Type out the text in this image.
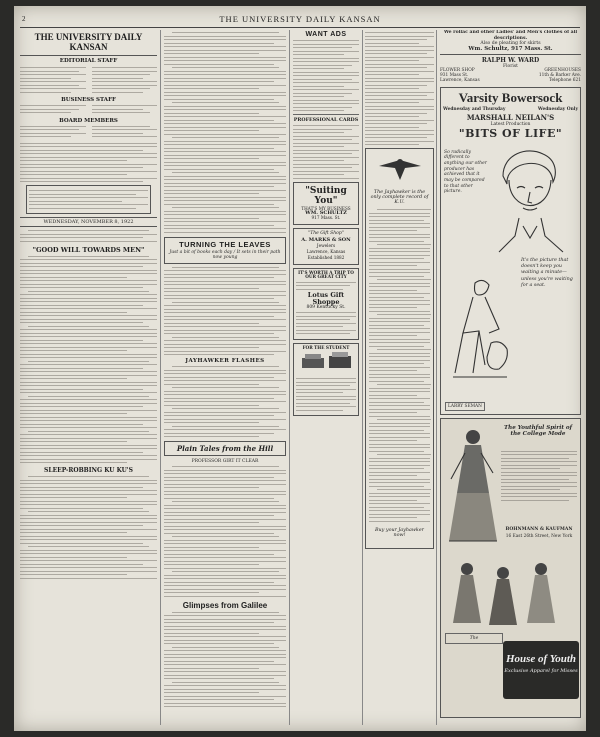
2	THE UNIVERSITY DAILY KANSAN
THE UNIVERSITY DAILY KANSAN
EDITORIAL STAFF
BUSINESS STAFF
BOARD MEMBERS
WEDNESDAY, NOVEMBER 8, 1922
"GOOD WILL TOWARDS MEN"
SLEEP-ROBBING KU KU'S
TURNING THE LEAVES
Just a bit of books each day / It sets in their path now young
JAYHAWKER FLASHES
Plain Tales from the Hill
PROFESSOR GIRT IT CLEAR
Glimpses from Galilee
WANT ADS
PROFESSIONAL CARDS
"Suiting You"
THAT'S MY BUSINESS
WM. SCHULTZ
917 Mass. St.
"The Gift Shop"
A. MARKS & SON
Jewelers
Lawrence, Kansas
Established 1882
IT'S WORTH A TRIP TO OUR GREAT CITY
Lotus Gift Shoppe
809 Kentucky St.
FOR THE STUDENT
The Jayhawker is the only complete record of K.U.
Buy your Jayhawker now!
We rollac and other Ladies' and Men's clothes of all descriptions.
Also de pleating for skirts
Wm. Schultz, 917 Mass. St.
RALPH W. WARD
Florist
FLOWER SHOP
931 Mass St.
Lawrence, Kansas
GREENHOUSES
11th & Barker Ave.
Telephone 621
Varsity Bowersock
Wednesday and Thursday	Wednesday Only
MARSHALL NEILAN'S
Latest Production
"BITS OF LIFE"
So radically different to anything our other producer has achieved that it may be compared to that other picture.
It's the picture that doesn't keep you waiting a minute—unless you're waiting for a seat.
LARRY SEMAN
The Youthful Spirit of the College Mode
BOHNMANN & KAUFMAN
16 East 26th Street, New York
The
House of Youth
Exclusive Apparel for Misses
